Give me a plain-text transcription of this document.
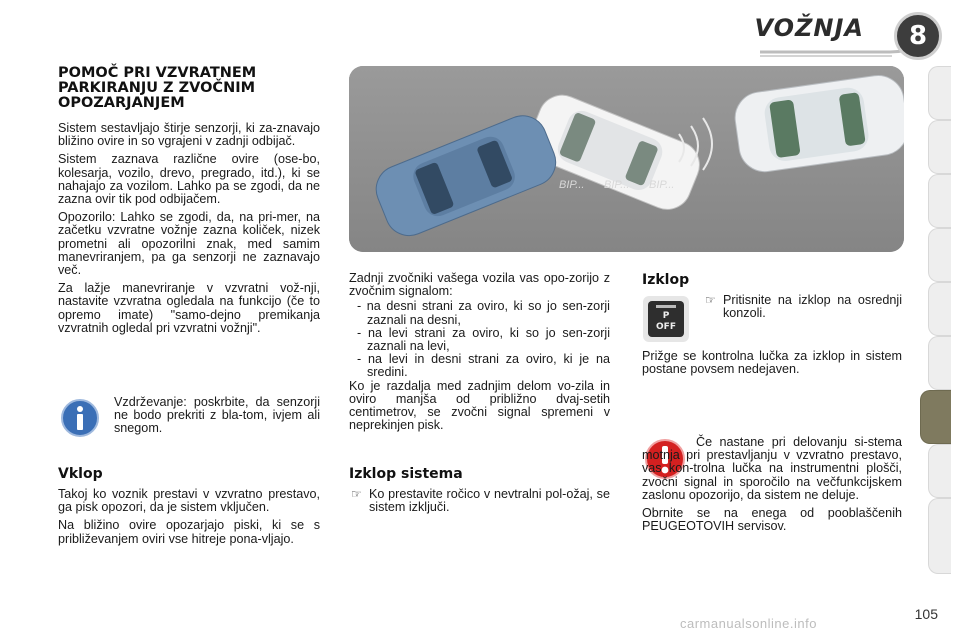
VOŽNJA	8
POMOČ PRI VZVRATNEM
PARKIRANJU Z ZVOČNIM
OPOZARJANJEM

Sistem sestavljajo štirje senzorji, ki za-znavajo bližino ovire in so vgrajeni v zadnji odbijač.

Sistem zaznava različne ovire (ose-bo, kolesarja, vozilo, drevo, pregrado, itd.), ki se nahajajo za vozilom. Lahko pa se zgodi, da ne zazna ovir tik pod odbijačem.

Opozorilo: Lahko se zgodi, da, na pri-mer, na začetku vzvratne vožnje zazna količek, nizek prometni ali opozorilni znak, med samim manevriranjem, pa ga senzorji ne zaznavajo več.

Za lažje manevriranje v vzvratni vož-nji, nastavite vzvratna ogledala na funkcijo (če to opremo imate) "samo-dejno premikanja vzvratnih ogledal pri vzvratni vožnji".

Vzdrževanje: poskrbite, da senzorji ne bodo prekriti z bla-tom, ivjem ali snegom.
Vklop

Takoj ko voznik prestavi v vzvratno prestavo, ga pisk opozori, da je sistem vključen.

Na bližino ovire opozarjajo piski, ki se s približevanjem oviri vse hitreje pona-vljajo.

BIP... BIP... BIP...

Zadnji zvočniki vašega vozila vas opo-zorijo z zvočnim signalom:

- na desni strani za oviro, ki so jo sen-zorji zaznali na desni,
- na levi strani za oviro, ki so jo sen-zorji zaznali na levi,
- na levi in desni strani za oviro, ki je na sredini.

Ko je razdalja med zadnjim delom vo-zila in oviro manjša od približno dvaj-setih centimetrov, se zvočni signal spremeni v neprekinjen pisk.

Izklop sistema
☞ Ko prestavite ročico v nevtralni pol-ožaj, se sistem izključi.
Izklop
P
OFF
☞ Pritisnite na izklop na osrednji konzoli.
Prižge se kontrolna lučka za izklop in sistem postane povsem nedejaven.

Če nastane pri delovanju si-stema motnja pri prestavljanju v vzvratno prestavo, vas kon-trolna lučka na instrumentni plošči, zvočni signal in sporočilo na večfunkcijskem zaslonu opozorijo, da sistem ne deluje.

Obrnite se na enega od pooblaščenih PEUGEOTOVIH servisov.

105
carmanualsonline.info
